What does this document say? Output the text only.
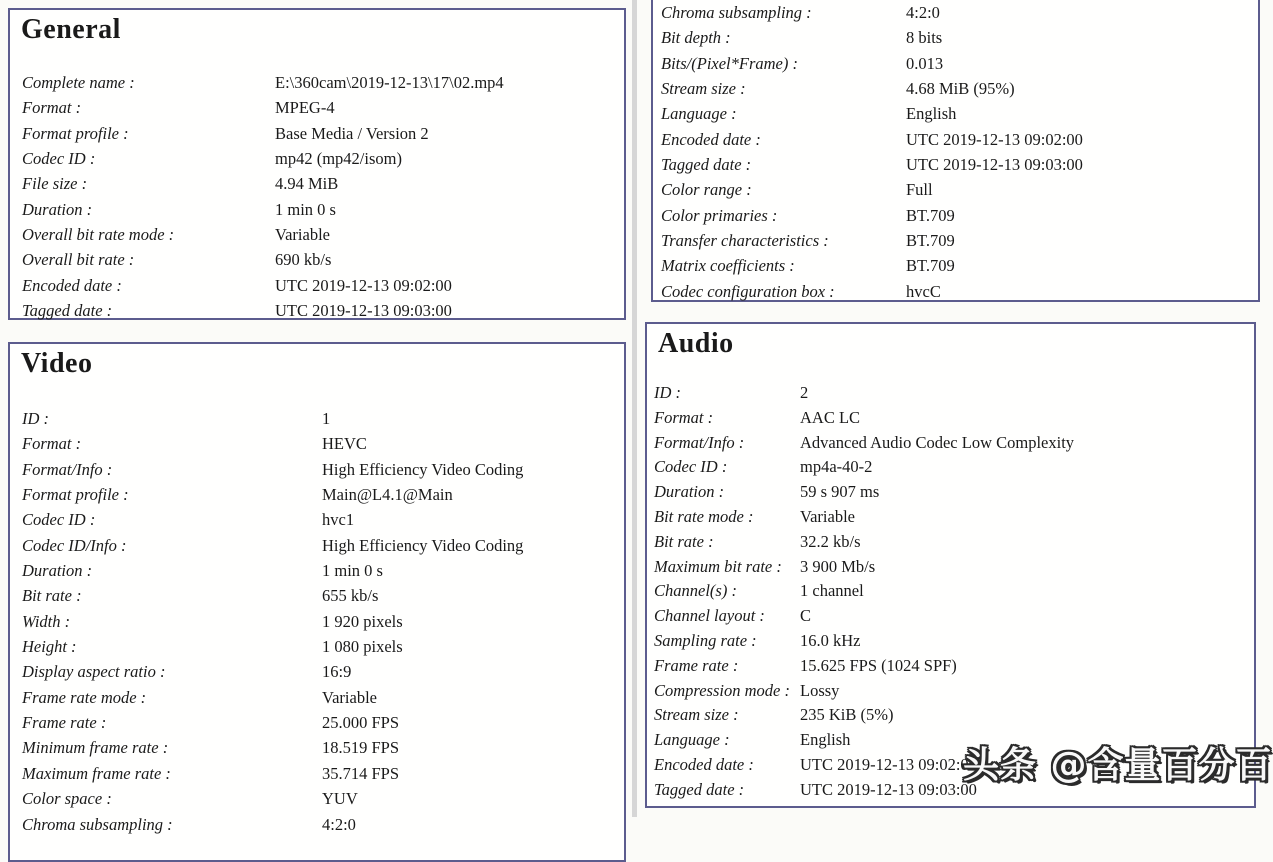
General
Complete name :	E:\360cam\2019-12-13\17\02.mp4
Format :	MPEG-4
Format profile :	Base Media / Version 2
Codec ID :	mp42 (mp42/isom)
File size :	4.94 MiB
Duration :	1 min 0 s
Overall bit rate mode :	Variable
Overall bit rate :	690 kb/s
Encoded date :	UTC 2019-12-13 09:02:00
Tagged date :	UTC 2019-12-13 09:03:00
Video
ID :	1
Format :	HEVC
Format/Info :	High Efficiency Video Coding
Format profile :	Main@L4.1@Main
Codec ID :	hvc1
Codec ID/Info :	High Efficiency Video Coding
Duration :	1 min 0 s
Bit rate :	655 kb/s
Width :	1 920 pixels
Height :	1 080 pixels
Display aspect ratio :	16:9
Frame rate mode :	Variable
Frame rate :	25.000 FPS
Minimum frame rate :	18.519 FPS
Maximum frame rate :	35.714 FPS
Color space :	YUV
Chroma subsampling :	4:2:0
Chroma subsampling :	4:2:0
Bit depth :	8 bits
Bits/(Pixel*Frame) :	0.013
Stream size :	4.68 MiB (95%)
Language :	English
Encoded date :	UTC 2019-12-13 09:02:00
Tagged date :	UTC 2019-12-13 09:03:00
Color range :	Full
Color primaries :	BT.709
Transfer characteristics :	BT.709
Matrix coefficients :	BT.709
Codec configuration box :	hvcC
Audio
ID :	2
Format :	AAC LC
Format/Info :	Advanced Audio Codec Low Complexity
Codec ID :	mp4a-40-2
Duration :	59 s 907 ms
Bit rate mode :	Variable
Bit rate :	32.2 kb/s
Maximum bit rate :	3 900 Mb/s
Channel(s) :	1 channel
Channel layout :	C
Sampling rate :	16.0 kHz
Frame rate :	15.625 FPS (1024 SPF)
Compression mode : Lossy
Stream size :	235 KiB (5%)
Language :	English
Encoded date :	UTC 2019-12-13 09:02:00
Tagged date :	UTC 2019-12-13 09:03:00
头条 @含量百分百
